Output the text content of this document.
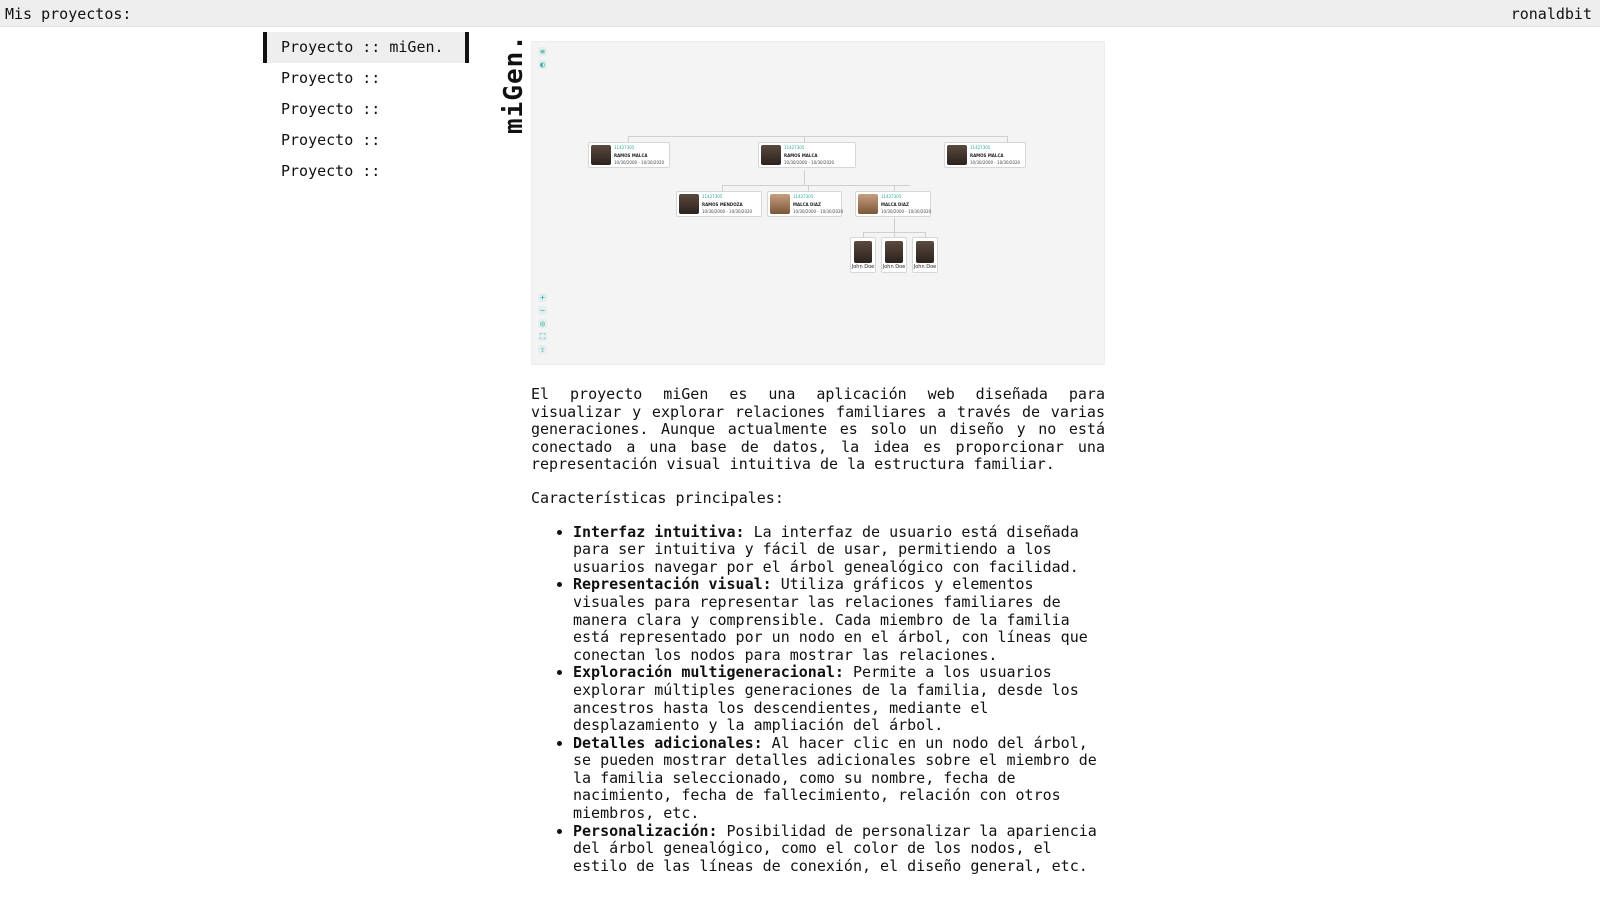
Mis proyectos:	ronaldbit
Proyecto :: miGen.
Proyecto ::
Proyecto ::
Proyecto ::
Proyecto ::
miGen. ≡
◐
+
−
◎
⛶
⇪
11427305
RAMOS MALCA
10/30/2000 - 10/30/2020
11427305
RAMOS MALCA
10/30/2000 - 10/30/2020
11427305
RAMOS MALCA
10/30/2000 - 10/30/2020
11427305
RAMOS MENDOZA
10/30/2000 - 10/30/2020
11427305
MALCA DIAZ
10/30/2000 - 10/30/2020
11427305
MALCA DIAZ
10/30/2000 - 10/30/2020
John Doe John Doe John Doe

El proyecto miGen es una aplicación web diseñada para visualizar y explorar relaciones familiares a través de varias generaciones. Aunque actualmente es solo un diseño y no está conectado a una base de datos, la idea es proporcionar una representación visual intuitiva de la estructura familiar.

Características principales:

• Interfaz intuitiva: La interfaz de usuario está diseñada para ser intuitiva y fácil de usar, permitiendo a los usuarios navegar por el árbol genealógico con facilidad.
• Representación visual: Utiliza gráficos y elementos visuales para representar las relaciones familiares de manera clara y comprensible. Cada miembro de la familia está representado por un nodo en el árbol, con líneas que conectan los nodos para mostrar las relaciones.
• Exploración multigeneracional: Permite a los usuarios explorar múltiples generaciones de la familia, desde los ancestros hasta los descendientes, mediante el desplazamiento y la ampliación del árbol.
• Detalles adicionales: Al hacer clic en un nodo del árbol, se pueden mostrar detalles adicionales sobre el miembro de la familia seleccionado, como su nombre, fecha de nacimiento, fecha de fallecimiento, relación con otros miembros, etc.
• Personalización: Posibilidad de personalizar la apariencia del árbol genealógico, como el color de los nodos, el estilo de las líneas de conexión, el diseño general, etc.
